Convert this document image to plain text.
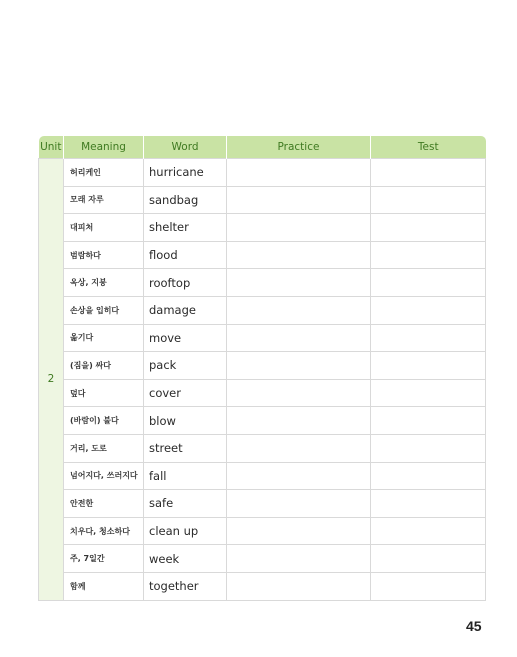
Unit	Meaning	Word	Practice	Test
2	허리케인	hurricane		
	모래 자루	sandbag		
	대피처	shelter		
	범람하다	flood		
	옥상, 지붕	rooftop		
	손상을 입히다	damage		
	옮기다	move		
	(짐을) 싸다	pack		
	덮다	cover		
	(바람이) 불다	blow		
	거리, 도로	street		
	넘어지다, 쓰러지다	fall		
	안전한	safe		
	치우다, 청소하다	clean up		
	주, 7일간	week		
	함께	together		
45
